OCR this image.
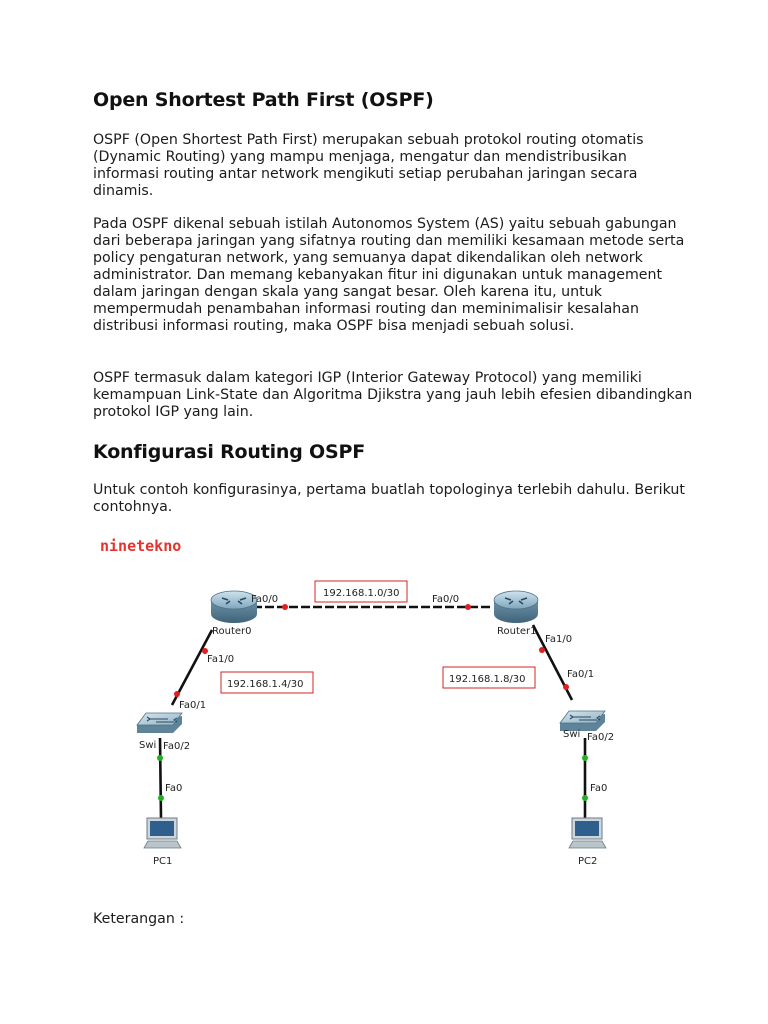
Open Shortest Path First (OSPF)

OSPF (Open Shortest Path First) merupakan sebuah protokol routing otomatis (Dynamic Routing) yang mampu menjaga, mengatur dan mendistribusikan informasi routing antar network mengikuti setiap perubahan jaringan secara dinamis.

Pada OSPF dikenal sebuah istilah Autonomos System (AS) yaitu sebuah gabungan dari beberapa jaringan yang sifatnya routing dan memiliki kesamaan metode serta policy pengaturan network, yang semuanya dapat dikendalikan oleh network administrator. Dan memang kebanyakan fitur ini digunakan untuk management dalam jaringan dengan skala yang sangat besar. Oleh karena itu, untuk mempermudah penambahan informasi routing dan meminimalisir kesalahan distribusi informasi routing, maka OSPF bisa menjadi sebuah solusi.

OSPF termasuk dalam kategori IGP (Interior Gateway Protocol) yang memiliki kemampuan Link-State dan Algoritma Djikstra yang jauh lebih efesien dibandingkan protokol IGP yang lain.

Konfigurasi Routing OSPF

Untuk contoh konfigurasinya, pertama buatlah topologinya terlebih dahulu. Berikut contohnya.

ninetekno
Router0	Router1
Swi
Swi
PC1	PC2
Fa0/0	Fa0/0
Fa1/0
Fa1/0
Fa0/1
Fa0/1
Fa0/2
Fa0/2
Fa0	Fa0
192.168.1.0/30
192.168.1.4/30	192.168.1.8/30

Keterangan :
